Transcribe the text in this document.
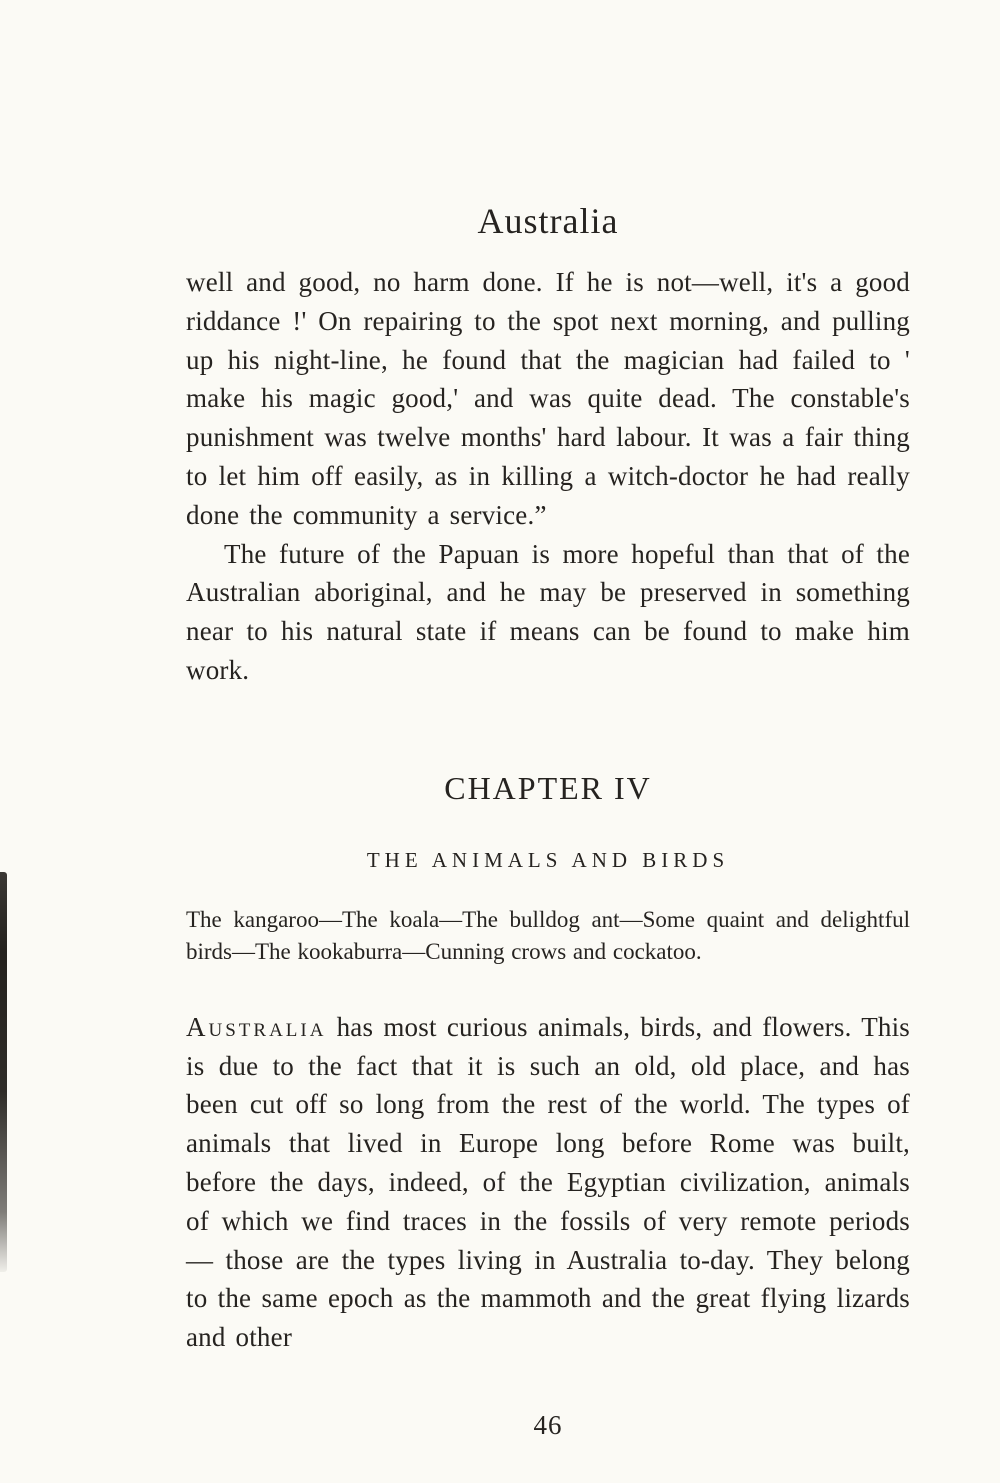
Australia

well and good, no harm done. If he is not—well, it's a good riddance !' On repairing to the spot next morning, and pulling up his night-line, he found that the magician had failed to ' make his magic good,' and was quite dead. The constable's punishment was twelve months' hard labour. It was a fair thing to let him off easily, as in killing a witch-doctor he had really done the community a service.”

The future of the Papuan is more hopeful than that of the Australian aboriginal, and he may be preserved in something near to his natural state if means can be found to make him work.

CHAPTER IV
THE ANIMALS AND BIRDS

The kangaroo—The koala—The bulldog ant—Some quaint and delightful birds—The kookaburra—Cunning crows and cockatoo.

Australia has most curious animals, birds, and flowers. This is due to the fact that it is such an old, old place, and has been cut off so long from the rest of the world. The types of animals that lived in Europe long before Rome was built, before the days, indeed, of the Egyptian civilization, animals of which we find traces in the fossils of very remote periods — those are the types living in Australia to-day. They belong to the same epoch as the mammoth and the great flying lizards and other

46
